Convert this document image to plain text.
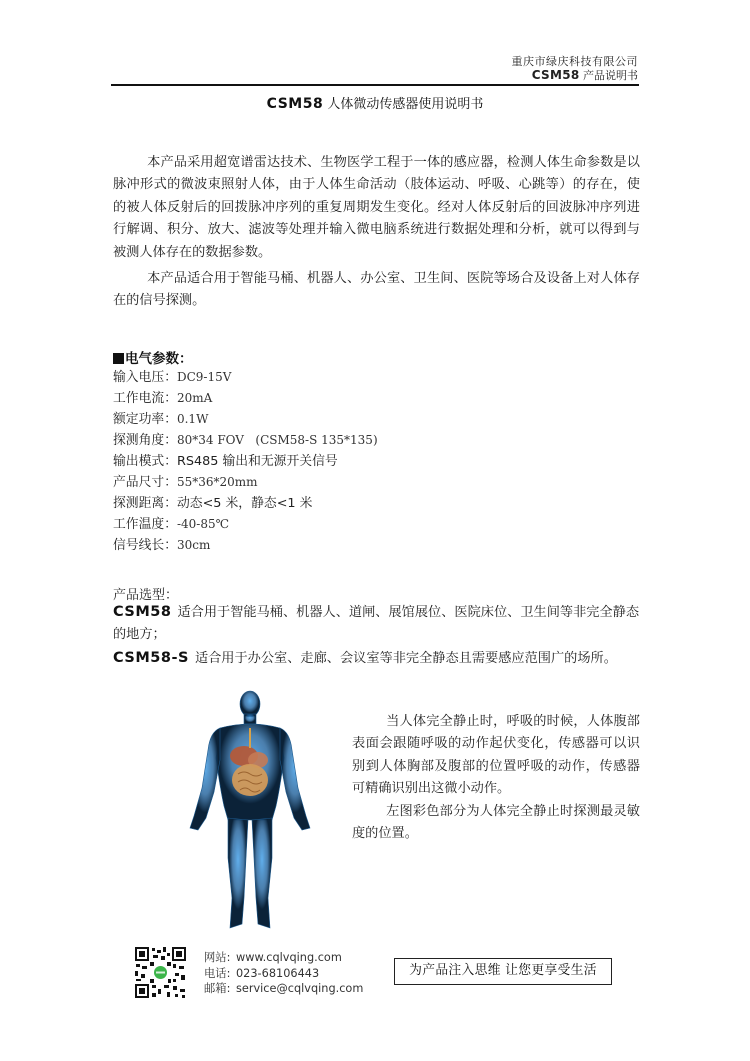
重庆市绿庆科技有限公司
CSM58 产品说明书
CSM58 人体微动传感器使用说明书
本产品采用超宽谱雷达技术、生物医学工程于一体的感应器，检测人体生命参数是以脉冲形式的微波束照射人体，由于人体生命活动（肢体运动、呼吸、心跳等）的存在，使的被人体反射后的回拨脉冲序列的重复周期发生变化。经对人体反射后的回波脉冲序列进行解调、积分、放大、滤波等处理并输入微电脑系统进行数据处理和分析，就可以得到与被测人体存在的数据参数。
本产品适合用于智能马桶、机器人、办公室、卫生间、医院等场合及设备上对人体存在的信号探测。
电气参数：
输入电压：DC9-15V
工作电流：20mA
额定功率：0.1W
探测角度：80*34 FOV   (CSM58-S 135*135)
输出模式：RS485 输出和无源开关信号
产品尺寸：55*36*20mm
探测距离：动态<5 米，静态<1 米
工作温度：-40-85℃
信号线长：30cm
产品选型：
CSM58 适合用于智能马桶、机器人、道闸、展馆展位、医院床位、卫生间等非完全静态的地方；
CSM58-S 适合用于办公室、走廊、会议室等非完全静态且需要感应范围广的场所。
当人体完全静止时，呼吸的时候，人体腹部表面会跟随呼吸的动作起伏变化，传感器可以识别到人体胸部及腹部的位置呼吸的动作，传感器可精确识别出这微小动作。
左图彩色部分为人体完全静止时探测最灵敏度的位置。
网站: www.cqlvqing.com
电话: 023-68106443
邮箱: service@cqlvqing.com
为产品注入思维 让您更享受生活
